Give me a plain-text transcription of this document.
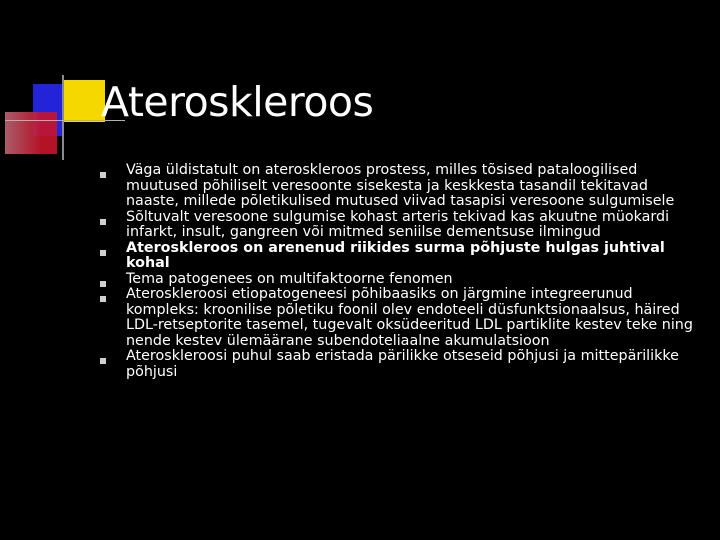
Ateroskleroos
Väga üldistatult on ateroskleroos prostess, milles tõsised pataloogilised muutused põhiliselt veresoonte sisekesta ja keskkesta tasandil tekitavad naaste, millede põletikulised mutused viivad tasapisi veresoone sulgumisele
Sõltuvalt veresoone sulgumise kohast arteris tekivad kas akuutne müokardi infarkt, insult, gangreen või mitmed seniilse dementsuse ilmingud
Ateroskleroos on arenenud riikides surma põhjuste hulgas juhtival kohal
Tema patogenees on multifaktoorne fenomen
Ateroskleroosi etiopatogeneesi põhibaasiks on järgmine integreerunud kompleks: kroonilise põletiku foonil olev endoteeli düsfunktsionaalsus, häired LDL-retseptorite tasemel, tugevalt oksüdeeritud LDL partiklite kestev teke ning nende kestev ülemäärane subendoteliaalne akumulatsioon
Ateroskleroosi puhul saab eristada pärilikke otseseid põhjusi ja mittepärilikke põhjusi
